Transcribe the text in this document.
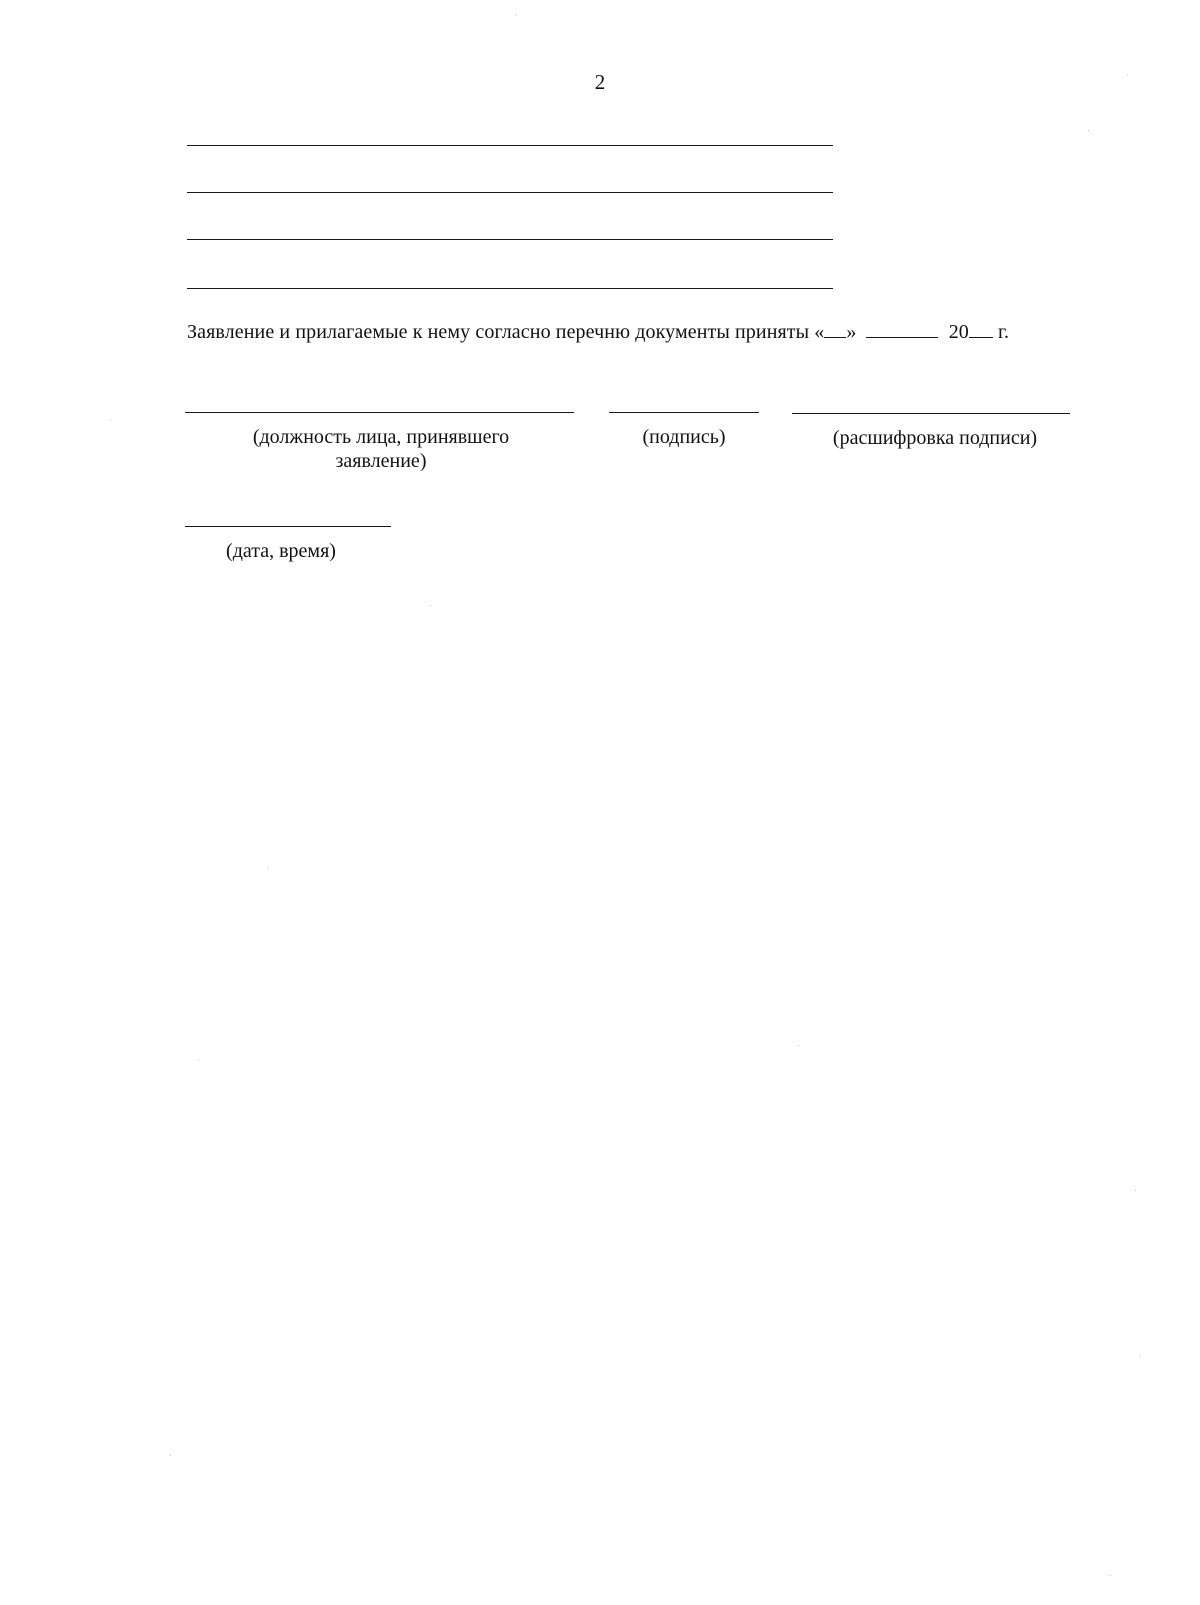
2
Заявление и прилагаемые к нему согласно перечню документы приняты « »	20 г.
(должность лица, принявшего заявление)
(подпись)	(расшифровка подписи)
(дата, время)
